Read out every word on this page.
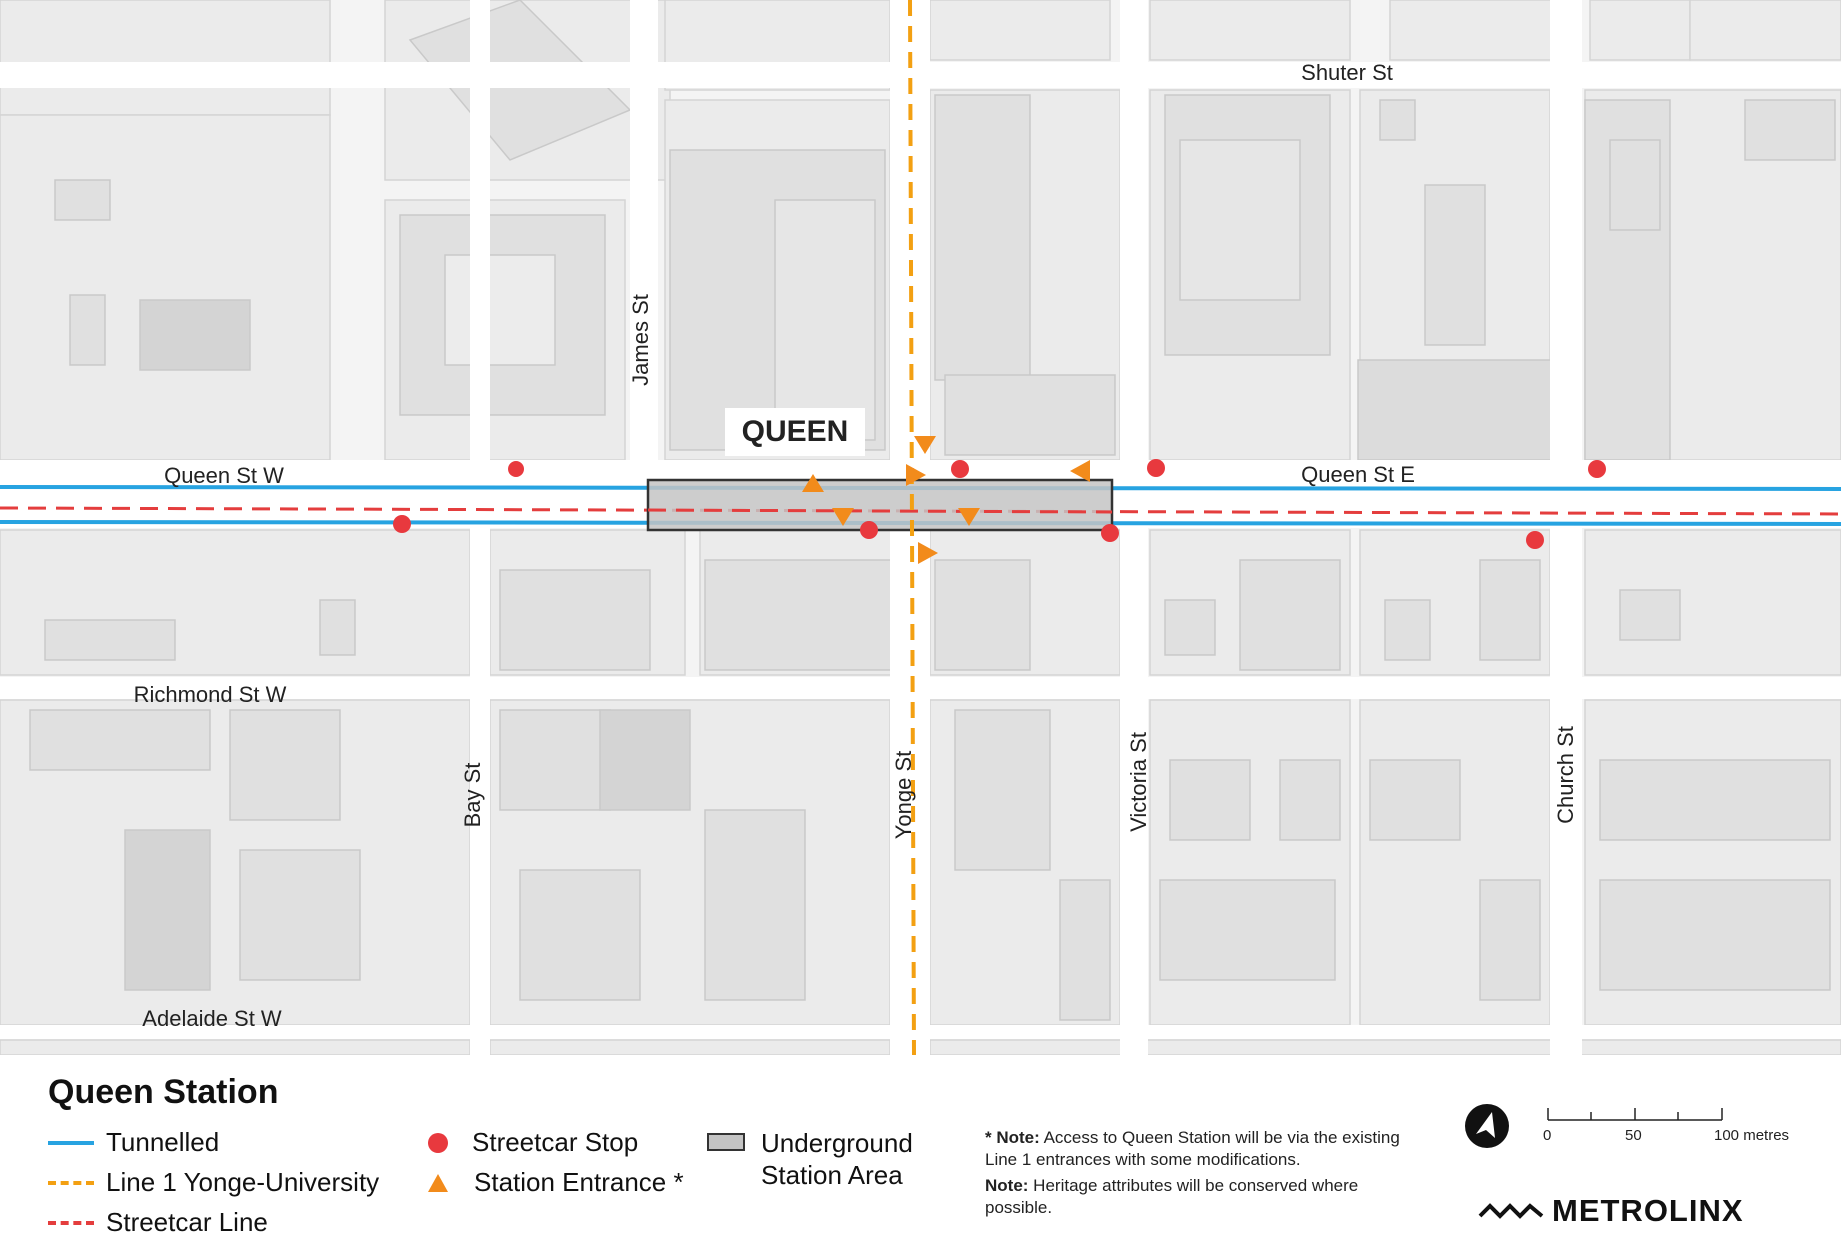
QUEEN
Shuter St
Queen St W	Queen St E
Richmond St W
Adelaide St W
James St
Bay St	Yonge St	Victoria St	Church St
Queen Station
Tunnelled
Line 1 Yonge-University
Streetcar Line
Streetcar Stop
Station Entrance *
Underground
Station Area
* Note: Access to Queen Station will be via the existing Line 1 entrances with some modifications.
Note: Heritage attributes will be conserved where possible.
0	50	100 metres
METROLINX
